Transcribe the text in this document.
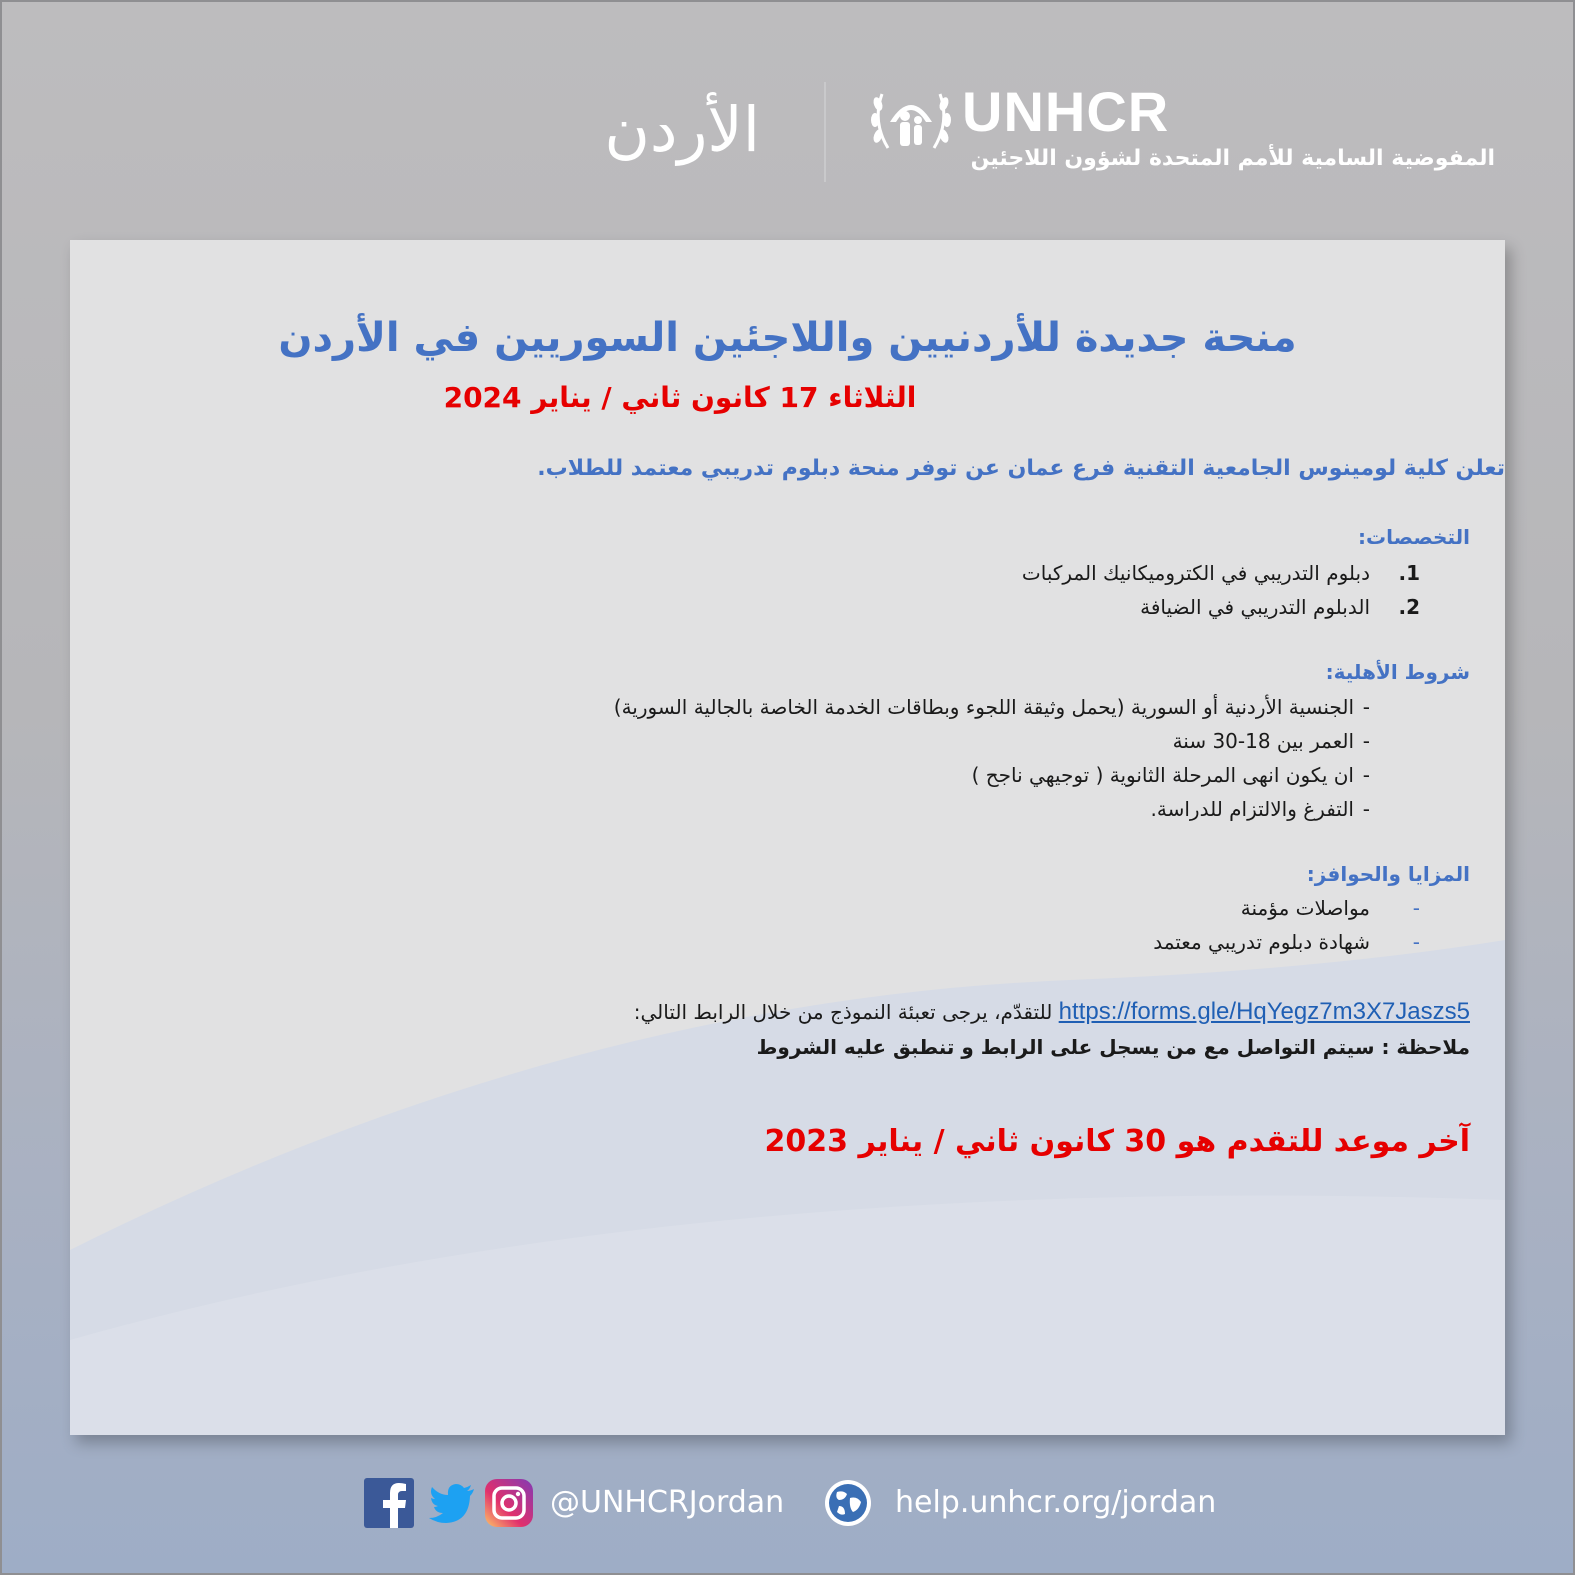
الأردن	UNHCR
المفوضية السامية للأمم المتحدة لشؤون اللاجئين
منحة جديدة للأردنيين واللاجئين السوريين في الأردن
الثلاثاء 17 كانون ثاني / يناير 2024
تعلن كلية لومينوس الجامعية التقنية فرع عمان عن توفر منحة دبلوم تدريبي معتمد للطلاب.
التخصصات:
1.
دبلوم التدريبي في الكتروميكانيك المركبات
2.
الدبلوم التدريبي في الضيافة
شروط الأهلية:
-
الجنسية الأردنية أو السورية (يحمل وثيقة اللجوء وبطاقات الخدمة الخاصة بالجالية السورية)
-
العمر بين 18-30 سنة
-
ان يكون انهى المرحلة الثانوية ( توجيهي ناجح )
-
التفرغ والالتزام للدراسة.
المزايا والحوافز:
-
مواصلات مؤمنة
-
شهادة دبلوم تدريبي معتمد
للتقدّم، يرجى تعبئة النموذج من خلال الرابط التالي: https://forms.gle/HqYegz7m3X7Jaszs5
ملاحظة : سيتم التواصل مع من يسجل على الرابط و تنطبق عليه الشروط
آخر موعد للتقدم هو 30 كانون ثاني / يناير 2023
@UNHCRJordan	help.unhcr.org/jordan
